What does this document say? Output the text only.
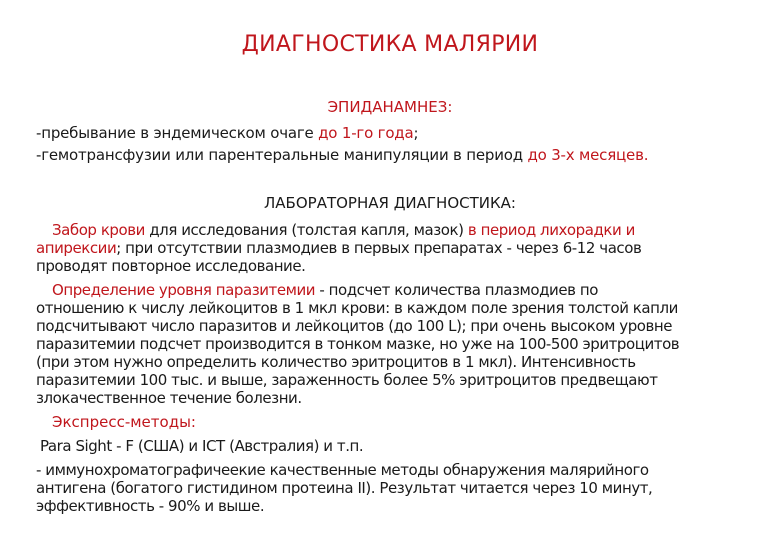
ДИАГНОСТИКА МАЛЯРИИ
ЭПИДАНАМНЕЗ:
-пребывание в эндемическом очаге до 1-го года;
-гемотрансфузии или парентеральные манипуляции в период до 3-х месяцев.
ЛАБОРАТОРНАЯ ДИАГНОСТИКА:
Забор крови для исследования (толстая капля, мазок) в период лихорадки и
апирексии; при отсутствии плазмодиев в первых препаратах - через 6-12 часов
проводят повторное исследование.
Определение уровня паразитемии - подсчет количества плазмодиев по
отношению к числу лейкоцитов в 1 мкл крови: в каждом поле зрения толстой капли
подсчитывают число паразитов и лейкоцитов (до 100 L); при очень высоком уровне
паразитемии подсчет производится в тонком мазке, но уже на 100-500 эритроцитов
(при этом нужно определить количество эритроцитов в 1 мкл). Интенсивность
паразитемии 100 тыс. и выше, зараженность более 5% эритроцитов предвещают
злокачественное течение болезни.
Экспресс-методы:
Para Sight - F (США) и ICT (Австралия) и т.п.
- иммунохроматографичеекие качественные методы обнаружения малярийного
антигена (богатого гистидином протеина II). Результат читается через 10 минут,
эффективность - 90% и выше.
